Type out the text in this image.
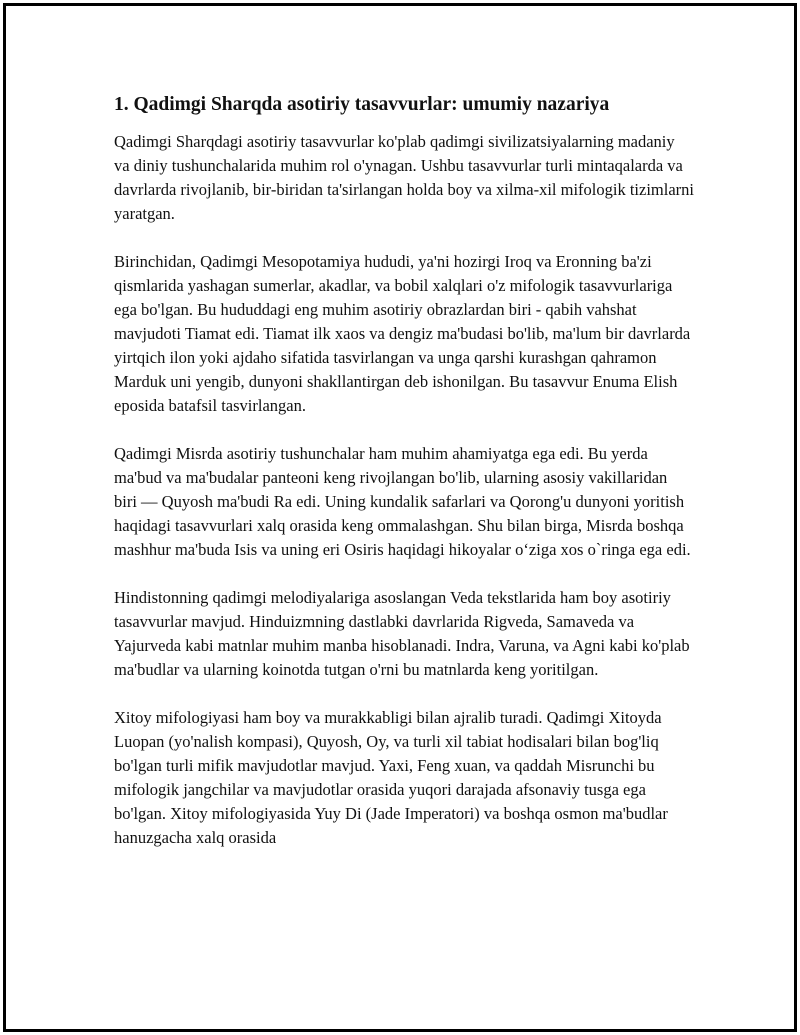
1. Qadimgi Sharqda asotiriy tasavvurlar: umumiy nazariya

Qadimgi Sharqdagi asotiriy tasavvurlar ko'plab qadimgi sivilizatsiyalarning madaniy va diniy tushunchalarida muhim rol o'ynagan. Ushbu tasavvurlar turli mintaqalarda va davrlarda rivojlanib, bir-biridan ta'sirlangan holda boy va xilma-xil mifologik tizimlarni yaratgan.

Birinchidan, Qadimgi Mesopotamiya hududi, ya'ni hozirgi Iroq va Eronning ba'zi qismlarida yashagan sumerlar, akadlar, va bobil xalqlari o'z mifologik tasavvurlariga ega bo'lgan. Bu hududdagi eng muhim asotiriy obrazlardan biri - qabih vahshat mavjudoti Tiamat edi. Tiamat ilk xaos va dengiz ma'budasi bo'lib, ma'lum bir davrlarda yirtqich ilon yoki ajdaho sifatida tasvirlangan va unga qarshi kurashgan qahramon Marduk uni yengib, dunyoni shakllantirgan deb ishonilgan. Bu tasavvur Enuma Elish eposida batafsil tasvirlangan.

Qadimgi Misrda asotiriy tushunchalar ham muhim ahamiyatga ega edi. Bu yerda ma'bud va ma'budalar panteoni keng rivojlangan bo'lib, ularning asosiy vakillaridan biri — Quyosh ma'budi Ra edi. Uning kundalik safarlari va Qorong'u dunyoni yoritish haqidagi tasavvurlari xalq orasida keng ommalashgan. Shu bilan birga, Misrda boshqa mashhur ma'buda Isis va uning eri Osiris haqidagi hikoyalar o‘ziga xos o`ringa ega edi.

Hindistonning qadimgi melodiyalariga asoslangan Veda tekstlarida ham boy asotiriy tasavvurlar mavjud. Hinduizmning dastlabki davrlarida Rigveda, Samaveda va Yajurveda kabi matnlar muhim manba hisoblanadi. Indra, Varuna, va Agni kabi ko'plab ma'budlar va ularning koinotda tutgan o'rni bu matnlarda keng yoritilgan.

Xitoy mifologiyasi ham boy va murakkabligi bilan ajralib turadi. Qadimgi Xitoyda Luopan (yo'nalish kompasi), Quyosh, Oy, va turli xil tabiat hodisalari bilan bog'liq bo'lgan turli mifik mavjudotlar mavjud. Yaxi, Feng xuan, va qaddah Misrunchi bu mifologik jangchilar va mavjudotlar orasida yuqori darajada afsonaviy tusga ega bo'lgan. Xitoy mifologiyasida Yuy Di (Jade Imperatori) va boshqa osmon ma'budlar hanuzgacha xalq orasida
